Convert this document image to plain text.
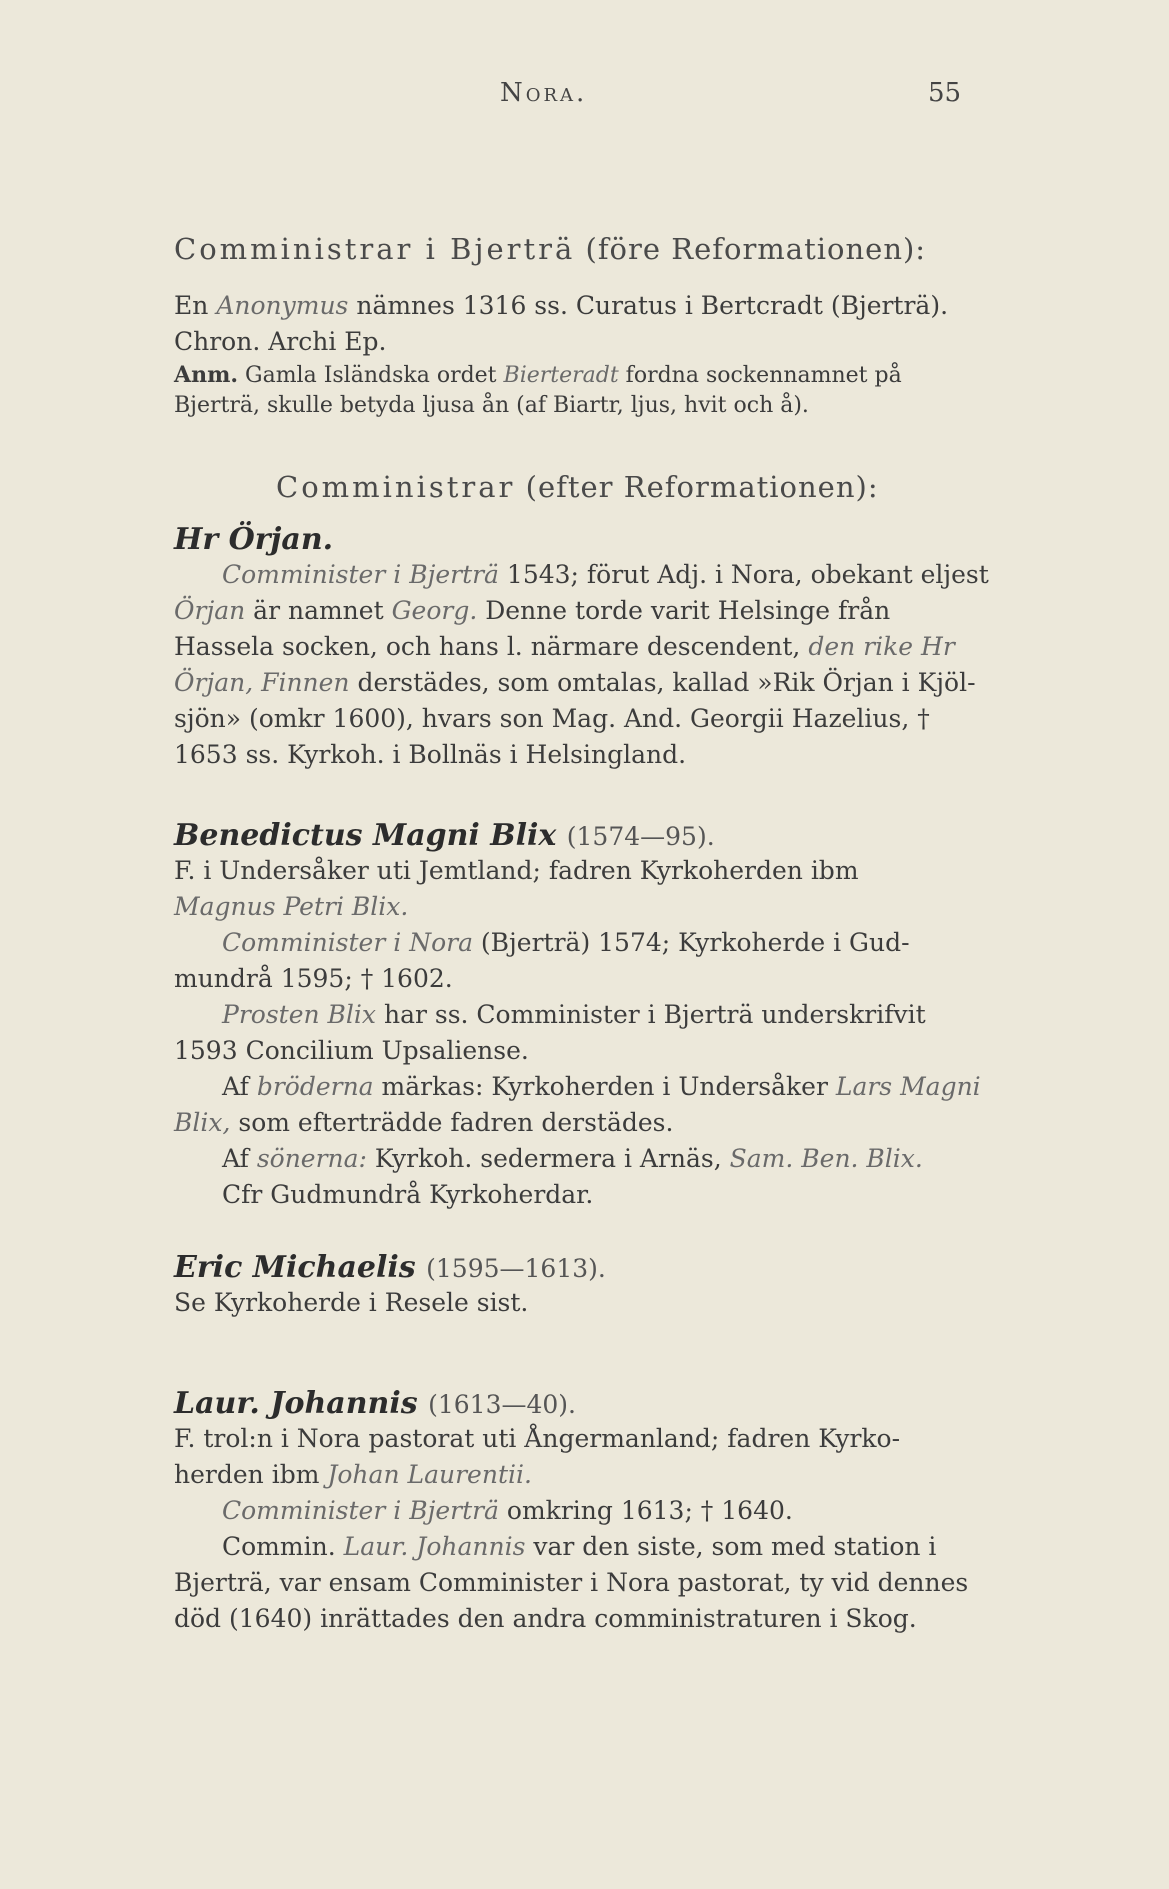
Nora.	55
Comministrar i Bjerträ (före Reformationen):
En Anonymus nämnes 1316 ss. Curatus i Bertcradt (Bjerträ).
Chron. Archi Ep.
Anm. Gamla Isländska ordet Bierteradt fordna sockennamnet på
Bjerträ, skulle betyda ljusa ån (af Biartr, ljus, hvit och å).
Comministrar (efter Reformationen):
Hr Örjan.
Comminister i Bjerträ 1543; förut Adj. i Nora, obekant eljest
Örjan är namnet Georg. Denne torde varit Helsinge från
Hassela socken, och hans l. närmare descendent, den rike Hr
Örjan, Finnen derstädes, som omtalas, kallad »Rik Örjan i Kjöl-
sjön» (omkr 1600), hvars son Mag. And. Georgii Hazelius, †
1653 ss. Kyrkoh. i Bollnäs i Helsingland.
Benedictus Magni Blix (1574—95).
F. i Undersåker uti Jemtland; fadren Kyrkoherden ibm
Magnus Petri Blix.
Comminister i Nora (Bjerträ) 1574; Kyrkoherde i Gud-
mundrå 1595; † 1602.
Prosten Blix har ss. Comminister i Bjerträ underskrifvit
1593 Concilium Upsaliense.
Af bröderna märkas: Kyrkoherden i Undersåker Lars Magni
Blix, som efterträdde fadren derstädes.
Af sönerna: Kyrkoh. sedermera i Arnäs, Sam. Ben. Blix.
Cfr Gudmundrå Kyrkoherdar.
Eric Michaelis (1595—1613).
Se Kyrkoherde i Resele sist.
Laur. Johannis (1613—40).
F. trol:n i Nora pastorat uti Ångermanland; fadren Kyrko-
herden ibm Johan Laurentii.
Comminister i Bjerträ omkring 1613; † 1640.
Commin. Laur. Johannis var den siste, som med station i
Bjerträ, var ensam Comminister i Nora pastorat, ty vid dennes
död (1640) inrättades den andra comministraturen i Skog.
